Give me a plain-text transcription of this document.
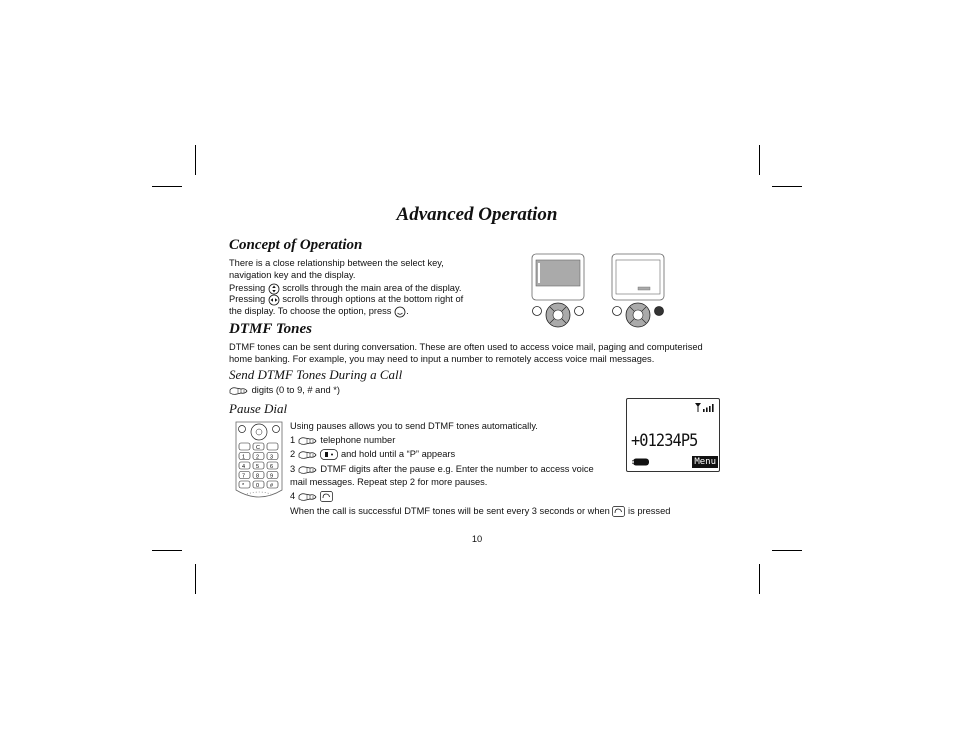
Advanced Operation
Concept of Operation
There is a close relationship between the select key, navigation key and the display.
Pressing scrolls through the main area of the display.
Pressing scrolls through options at the bottom right of
the display. To choose the option, press .
DTMF Tones
DTMF tones can be sent during conversation. These are often used to access voice mail, paging and computerised home banking. For example, you may need to input a number to remotely access voice mail messages.
Send DTMF Tones During a Call
digits (0 to 9, # and *)
Pause Dial
C
1 2 3
4 5 6
7 8 9
* 0 #
Using pauses allows you to send DTMF tones automatically.
1	telephone number
2	and hold until a “P” appears
3	DTMF digits after the pause e.g. Enter the number to access voice
mail messages. Repeat step 2 for more pauses.
4
When the call is successful DTMF tones will be sent every 3 seconds or when is pressed
+01234P5
Menu
10
